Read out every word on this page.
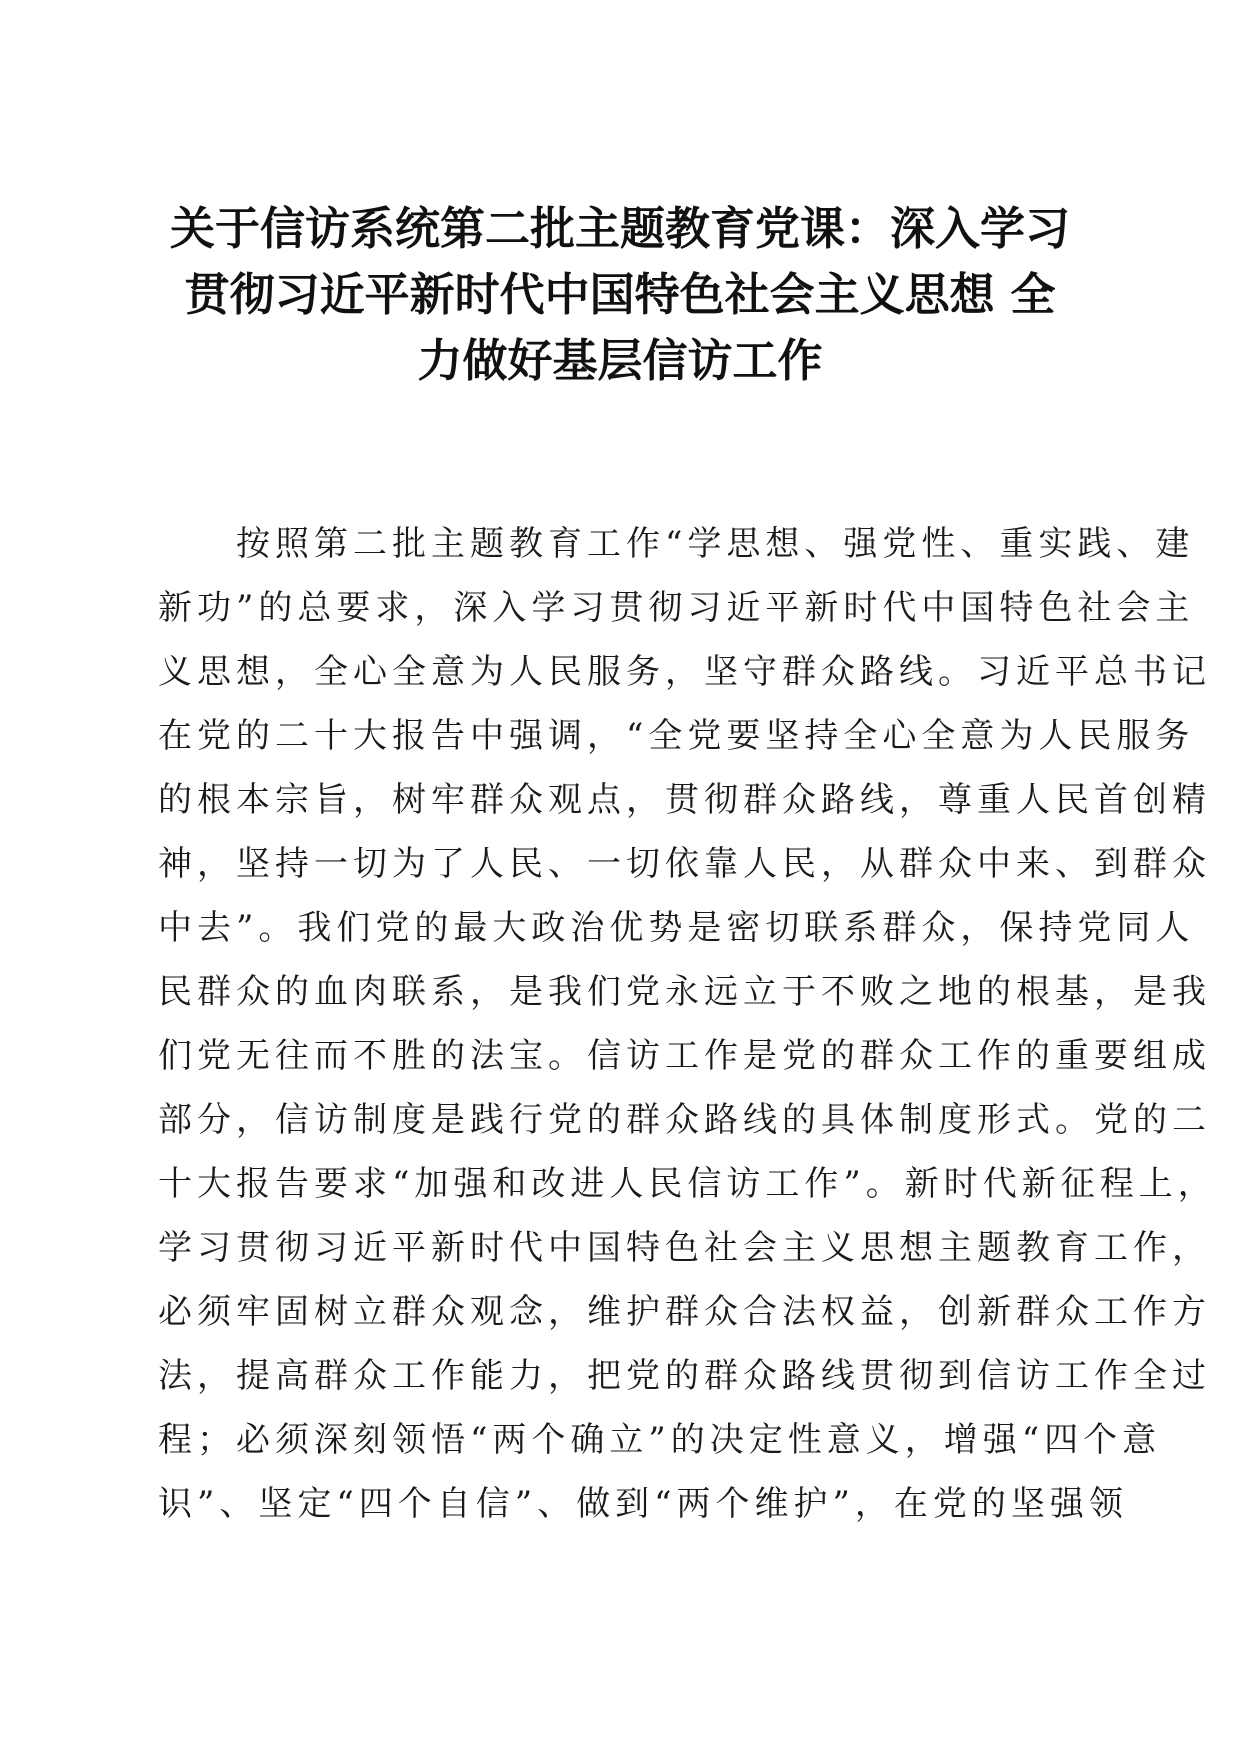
关于信访系统第二批主题教育党课：深入学习
贯彻习近平新时代中国特色社会主义思想 全
力做好基层信访工作
　　按照第二批主题教育工作“学思想、强党性、重实践、建
新功”的总要求，深入学习贯彻习近平新时代中国特色社会主
义思想，全心全意为人民服务，坚守群众路线。习近平总书记
在党的二十大报告中强调，“全党要坚持全心全意为人民服务
的根本宗旨，树牢群众观点，贯彻群众路线，尊重人民首创精
神，坚持一切为了人民、一切依靠人民，从群众中来、到群众
中去”。我们党的最大政治优势是密切联系群众，保持党同人
民群众的血肉联系，是我们党永远立于不败之地的根基，是我
们党无往而不胜的法宝。信访工作是党的群众工作的重要组成
部分，信访制度是践行党的群众路线的具体制度形式。党的二
十大报告要求“加强和改进人民信访工作”。新时代新征程上，
学习贯彻习近平新时代中国特色社会主义思想主题教育工作，
必须牢固树立群众观念，维护群众合法权益，创新群众工作方
法，提高群众工作能力，把党的群众路线贯彻到信访工作全过
程；必须深刻领悟“两个确立”的决定性意义，增强“四个意
识”、坚定“四个自信”、做到“两个维护”，在党的坚强领
